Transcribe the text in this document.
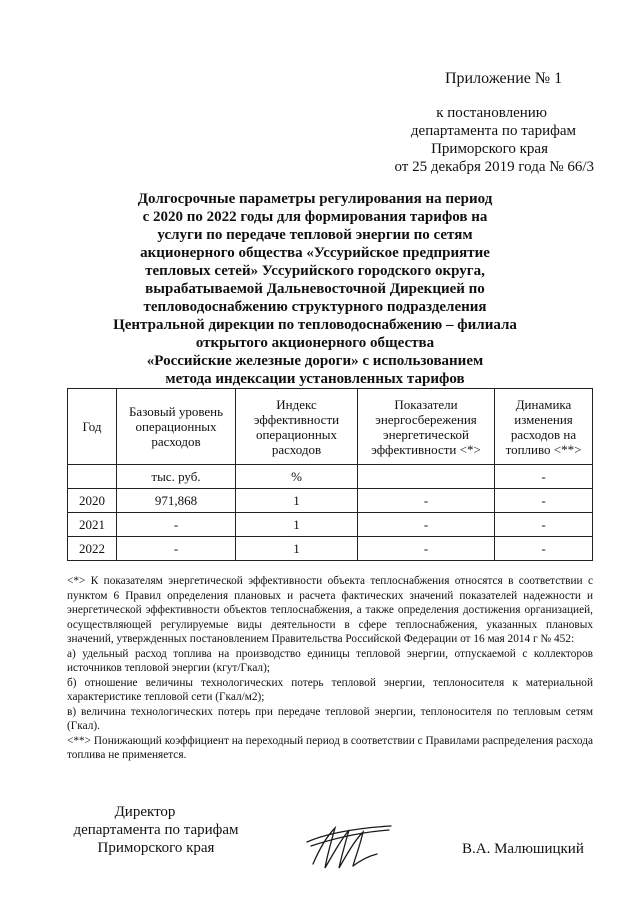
Приложение № 1
к постановлению
департамента по тарифам
Приморского края
от 25 декабря 2019 года № 66/3
Долгосрочные параметры регулирования на период
с 2020 по 2022 годы для формирования тарифов на
услуги по передаче тепловой энергии по сетям
акционерного общества «Уссурийское предприятие
тепловых сетей» Уссурийского городского округа,
вырабатываемой Дальневосточной Дирекцией по
тепловодоснабжению структурного подразделения
Центральной дирекции по тепловодоснабжению – филиала
открытого акционерного общества
«Российские железные дороги» с использованием
метода индексации установленных тарифов
Год	Базовый уровень операционных расходов	Индекс эффективности операционных расходов	Показатели энергосбережения энергетической эффективности <*>	Динамика изменения расходов на топливо <**>
	тыс. руб.	%		-
2020	971,868	1	-	-
2021	-	1	-	-
2022	-	1	-	-

<*> К показателям энергетической эффективности объекта теплоснабжения относятся в соответствии с пунктом 6 Правил определения плановых и расчета фактических значений показателей надежности и энергетической эффективности объектов теплоснабжения, а также определения достижения организацией, осуществляющей регулируемые виды деятельности в сфере теплоснабжения, указанных плановых значений, утвержденных постановлением Правительства Российской Федерации от 16 мая 2014 г № 452:

а) удельный расход топлива на производство единицы тепловой энергии, отпускаемой с коллекторов источников тепловой энергии (кгут/Гкал);

б) отношение величины технологических потерь тепловой энергии, теплоносителя к материальной характеристике тепловой сети (Гкал/м2);

в) величина технологических потерь при передаче тепловой энергии, теплоносителя по тепловым сетям (Гкал).

<**> Понижающий коэффициент на переходный период в соответствии с Правилами распределения расхода топлива не применяется.

Директор
департамента по тарифам
Приморского края	В.А. Малюшицкий
